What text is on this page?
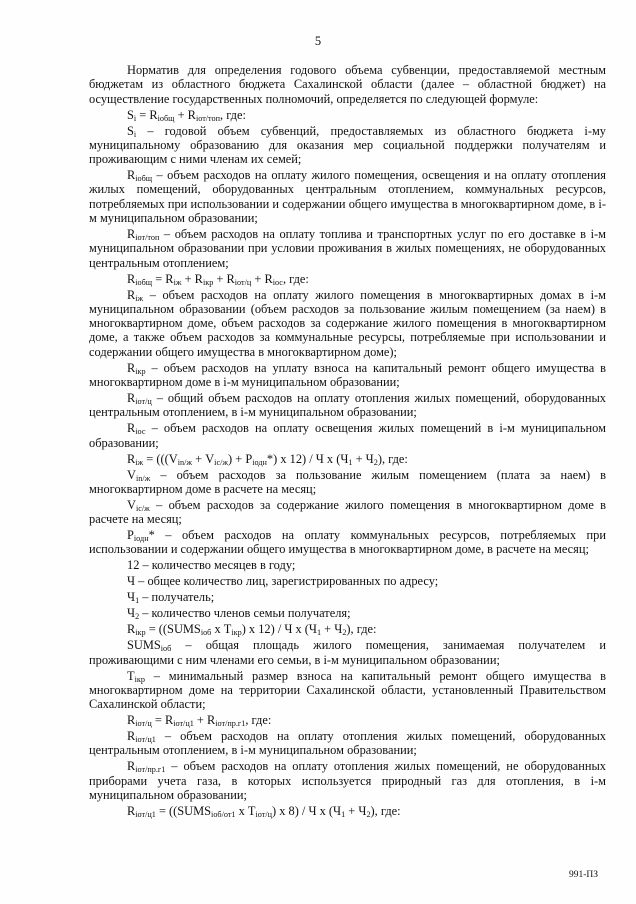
5

Норматив для определения годового объема субвенции, предоставляемой местным бюджетам из областного бюджета Сахалинской области (далее – областной бюджет) на осуществление государственных полномочий, определяется по следующей формуле:

$S_i = R_{iобщ} + R_{iот/топ}$, где:

$S_i$ – годовой объем субвенций, предоставляемых из областного бюджета i-му муниципальному образованию для оказания мер социальной поддержки получателям и проживающим с ними членам их семей;

$R_{iобщ}$ – объем расходов на оплату жилого помещения, освещения и на оплату отопления жилых помещений, оборудованных центральным отоплением, коммунальных ресурсов, потребляемых при использовании и содержании общего имущества в многоквартирном доме, в i-м муниципальном образовании;

$R_{iот/топ}$ – объем расходов на оплату топлива и транспортных услуг по его доставке в i-м муниципальном образовании при условии проживания в жилых помещениях, не оборудованных центральным отоплением;

$R_{iобщ} = R_{iж} + R_{iкр} + R_{iот/ц} + R_{iос}$, где:

$R_{iж}$ – объем расходов на оплату жилого помещения в многоквартирных домах в i-м муниципальном образовании (объем расходов за пользование жилым помещением (за наем) в многоквартирном доме, объем расходов за содержание жилого помещения в многоквартирном доме, а также объем расходов за коммунальные ресурсы, потребляемые при использовании и содержании общего имущества в многоквартирном доме);

$R_{iкр}$ – объем расходов на уплату взноса на капитальный ремонт общего имущества в многоквартирном доме в i-м муниципальном образовании;

$R_{iот/ц}$ – общий объем расходов на оплату отопления жилых помещений, оборудованных центральным отоплением, в i-м муниципальном образовании;

$R_{iос}$ – объем расходов на оплату освещения жилых помещений в i-м муниципальном образовании;

$R_{iж} = (((V_{in/ж} + V_{ic/ж}) + P_{iодн}*)$ х 12) / Ч х $(Ч_1 + Ч_2)$, где:

$V_{in/ж}$ – объем расходов за пользование жилым помещением (плата за наем) в многоквартирном доме в расчете на месяц;

$V_{ic/ж}$ – объем расходов за содержание жилого помещения в многоквартирном доме в расчете на месяц;

$P_{iодн}*$ – объем расходов на оплату коммунальных ресурсов, потребляемых при использовании и содержании общего имущества в многоквартирном доме, в расчете на месяц;

12 – количество месяцев в году;

Ч – общее количество лиц, зарегистрированных по адресу;

$Ч_1$ – получатель;

$Ч_2$ – количество членов семьи получателя;

$R_{iкр}$ = (($SUMS_{iоб}$ х $T_{iкр}$) х 12) / Ч х $(Ч_1 + Ч_2)$, где:

$SUMS_{iоб}$ – общая площадь жилого помещения, занимаемая получателем и проживающими с ним членами его семьи, в i-м муниципальном образовании;

$T_{iкр}$ – минимальный размер взноса на капитальный ремонт общего имущества в многоквартирном доме на территории Сахалинской области, установленный Правительством Сахалинской области;

$R_{iот/ц} = R_{iот/ц1} + R_{iот/пр.г1}$, где:

$R_{iот/ц1}$ – объем расходов на оплату отопления жилых помещений, оборудованных центральным отоплением, в i-м муниципальном образовании;

$R_{iот/пр.г1}$ – объем расходов на оплату отопления жилых помещений, не оборудованных приборами учета газа, в которых используется природный газ для отопления, в i-м муниципальном образовании;

$R_{iот/ц1}$ = (($SUMS_{iоб/от1}$ х $T_{iот/ц}$) х 8) / Ч х $(Ч_1 + Ч_2)$, где:

991-ПЗ
